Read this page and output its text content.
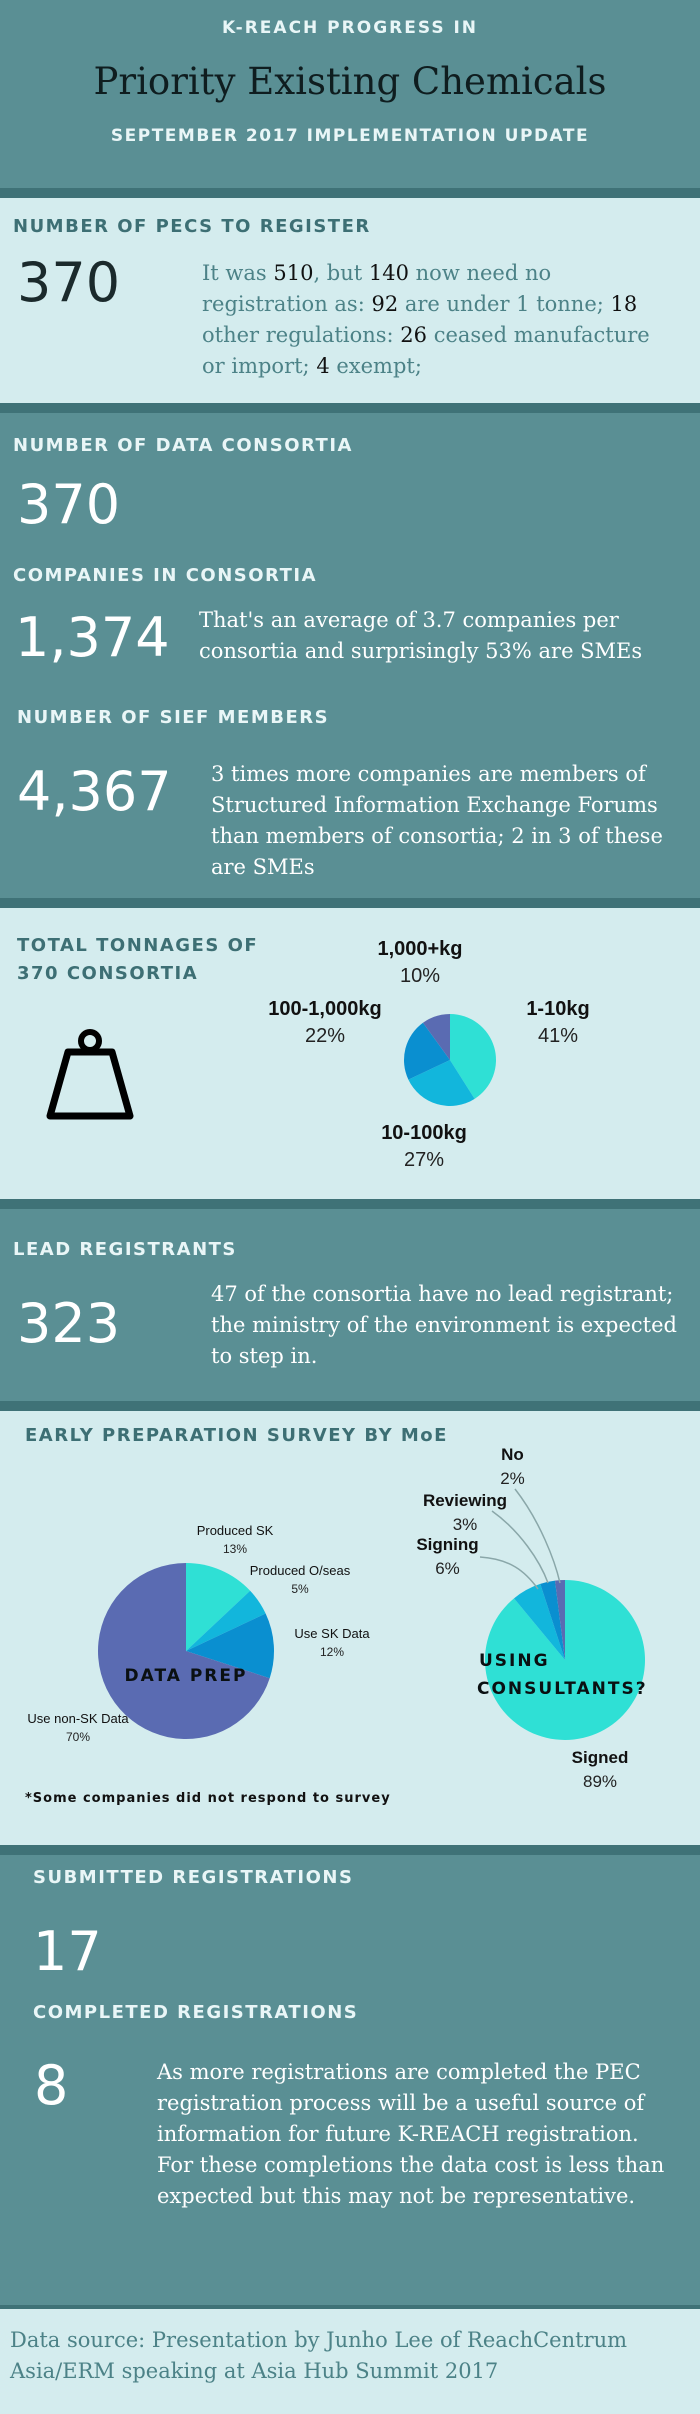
K-REACH PROGRESS IN
Priority Existing Chemicals
SEPTEMBER 2017 IMPLEMENTATION UPDATE
NUMBER OF PECS TO REGISTER
370	It was 510, but 140 now need no registration as: 92 are under 1 tonne; 18 other regulations: 26 ceased manufacture or import; 4 exempt;
NUMBER OF DATA CONSORTIA
370
COMPANIES IN CONSORTIA
1,374 That's an average of 3.7 companies per consortia and surprisingly 53% are SMEs
NUMBER OF SIEF MEMBERS
4,367 3 times more companies are members of Structured Information Exchange Forums than members of consortia; 2 in 3 of these are SMEs
TOTAL TONNAGES OF
370 CONSORTIA
1-10kg
41%
10-100kg
27%
100-1,000kg
22%
1,000+kg
10%
LEAD REGISTRANTS
323	47 of the consortia have no lead registrant; the ministry of the environment is expected to step in.
EARLY PREPARATION SURVEY BY MoE
DATA PREP
USING CONSULTANTS?
Produced SK
13%
Produced O/seas
5%
Use SK Data
12%
Use non-SK Data
70%
Signed
89%
Signing
6%
Reviewing
3%
No
2%
*Some companies did not respond to survey
SUBMITTED REGISTRATIONS
17
COMPLETED REGISTRATIONS
8	As more registrations are completed the PEC registration process will be a useful source of information for future K-REACH registration. For these completions the data cost is less than expected but this may not be representative.
Data source: Presentation by Junho Lee of ReachCentrum Asia/ERM speaking at Asia Hub Summit 2017
